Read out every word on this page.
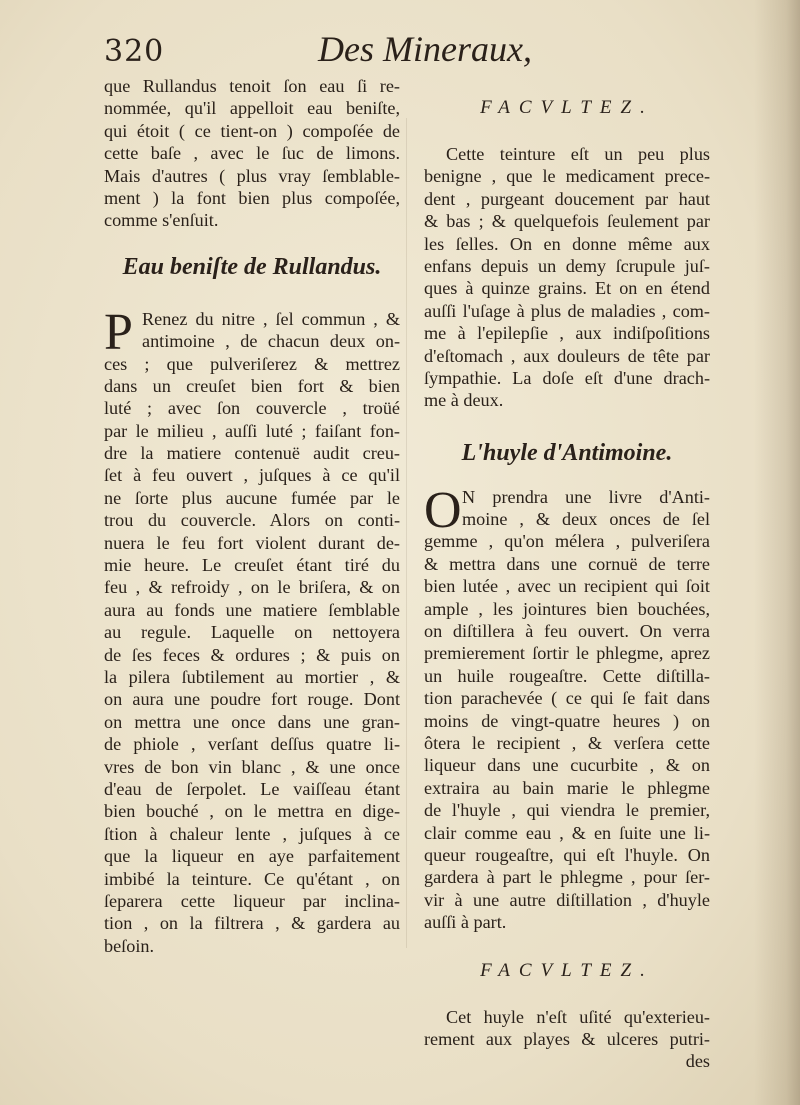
320	Des Mineraux,
que Rullandus tenoit ſon eau ſi re-
nommée, qu'il appelloit eau beniſte,
qui étoit ( ce tient-on ) compoſée de
cette baſe , avec le ſuc de limons.
Mais d'autres ( plus vray ſemblable-
ment ) la font bien plus compoſée,
comme s'enſuit.
Eau beniſte de Rullandus.
P Renez du nitre , ſel commun , &
antimoine , de chacun deux on-
ces ; que pulveriſerez & mettrez
dans un creuſet bien fort & bien
luté ; avec ſon couvercle , troüé
par le milieu , auſſi luté ; faiſant fon-
dre la matiere contenuë audit creu-
ſet à feu ouvert , juſques à ce qu'il
ne ſorte plus aucune fumée par le
trou du couvercle. Alors on conti-
nuera le feu fort violent durant de-
mie heure. Le creuſet étant tiré du
feu , & refroidy , on le briſera, & on
aura au fonds une matiere ſemblable
au regule. Laquelle on nettoyera
de ſes feces & ordures ; & puis on
la pilera ſubtilement au mortier , &
on aura une poudre fort rouge. Dont
on mettra une once dans une gran-
de phiole , verſant deſſus quatre li-
vres de bon vin blanc , & une once
d'eau de ſerpolet. Le vaiſſeau étant
bien bouché , on le mettra en dige-
ſtion à chaleur lente , juſques à ce
que la liqueur en aye parfaitement
imbibé la teinture. Ce qu'étant , on
ſeparera cette liqueur par inclina-
tion , on la filtrera , & gardera au
beſoin.
FACVLTEZ.
Cette teinture eſt un peu plus
benigne , que le medicament prece-
dent , purgeant doucement par haut
& bas ; & quelquefois ſeulement par
les ſelles. On en donne même aux
enfans depuis un demy ſcrupule juſ-
ques à quinze grains. Et on en étend
auſſi l'uſage à plus de maladies , com-
me à l'epilepſie , aux indiſpoſitions
d'eſtomach , aux douleurs de tête par
ſympathie. La doſe eſt d'une drach-
me à deux.
L'huyle d'Antimoine.
O N prendra une livre d'Anti-
moine , & deux onces de ſel
gemme , qu'on mélera , pulveriſera
& mettra dans une cornuë de terre
bien lutée , avec un recipient qui ſoit
ample , les jointures bien bouchées,
on diſtillera à feu ouvert. On verra
premierement ſortir le phlegme, aprez
un huile rougeaſtre. Cette diſtilla-
tion parachevée ( ce qui ſe fait dans
moins de vingt-quatre heures ) on
ôtera le recipient , & verſera cette
liqueur dans une cucurbite , & on
extraira au bain marie le phlegme
de l'huyle , qui viendra le premier,
clair comme eau , & en ſuite une li-
queur rougeaſtre, qui eſt l'huyle. On
gardera à part le phlegme , pour ſer-
vir à une autre diſtillation , d'huyle
auſſi à part.
FACVLTEZ.
Cet huyle n'eſt uſité qu'exterieu-
rement aux playes & ulceres putri-
des
